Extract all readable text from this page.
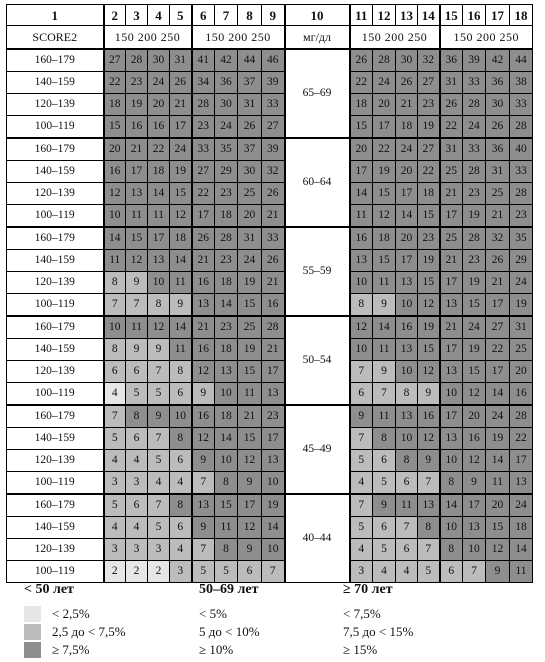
1	2	3	4	5	6	7	8	9	10	11	12	13	14	15	16	17	18
SCORE2	150 200 250				150 200 250				мг/дл	150 200 250				150 200 250			
160–179	27	28	30	31	41	42	44	46	65–69	26	28	30	32	36	39	42	44
140–159	22	23	24	26	34	36	37	39		22	24	26	27	31	33	36	38
120–139	18	19	20	21	28	30	31	33		18	20	21	23	26	28	30	33
100–119	15	16	16	17	23	24	26	27		15	17	18	19	22	24	26	28
160–179	20	21	22	24	33	35	37	39	60–64	20	22	24	27	31	33	36	40
140–159	16	17	18	19	27	29	30	32		17	19	20	22	25	28	31	33
120–139	12	13	14	15	22	23	25	26		14	15	17	18	21	23	25	28
100–119	10	11	11	12	17	18	20	21		11	12	14	15	17	19	21	23
160–179	14	15	17	18	26	28	31	33	55–59	16	18	20	23	25	28	32	35
140–159	11	12	13	14	21	23	24	26		13	15	17	19	21	23	26	29
120–139	8	9	10	11	16	18	19	21		10	11	13	15	17	19	21	24
100–119	7	7	8	9	13	14	15	16		8	9	10	12	13	15	17	19
160–179	10	11	12	14	21	23	25	28	50–54	12	14	16	19	21	24	27	31
140–159	8	9	9	11	16	18	19	21		10	11	13	15	17	19	22	25
120–139	6	6	7	8	12	13	15	17		7	9	10	12	13	15	17	20
100–119	4	5	5	6	9	10	11	13		6	7	8	9	10	12	14	16
160–179	7	8	9	10	16	18	21	23	45–49	9	11	13	16	17	20	24	28
140–159	5	6	7	8	12	14	15	17		7	8	10	12	13	16	19	22
120–139	4	4	5	6	9	10	12	13		5	6	8	9	10	12	14	17
100–119	3	3	4	4	7	8	9	10		4	5	6	7	8	9	11	13
160–179	5	6	7	8	13	15	17	19	40–44	7	9	11	13	14	17	20	24
140–159	4	4	5	6	9	11	12	14		5	6	7	8	10	13	15	18
120–139	3	3	3	4	7	8	9	10		4	5	6	7	8	10	12	14
100–119	2	2	2	3	5	5	6	7		3	4	4	5	6	7	9	11
< 50 лет	50–69 лет	≥ 70 лет
< 2,5%	< 5%	< 7,5%
2,5 до < 7,5%	5 до < 10%	7,5 до < 15%
≥ 7,5%	≥ 10%	≥ 15%
